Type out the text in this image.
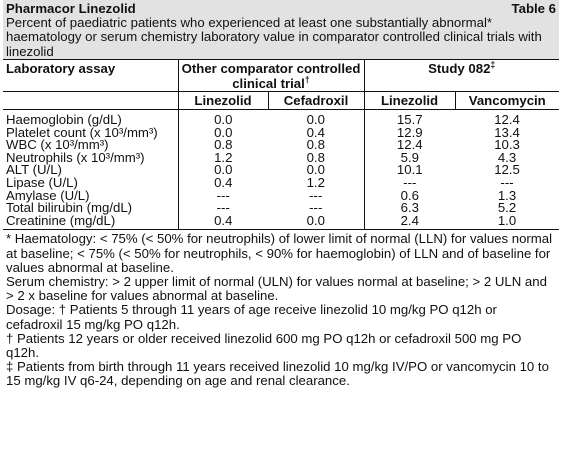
Pharmacor Linezolid	Table 6
Percent of paediatric patients who experienced at least one substantially abnormal* haematology or serum chemistry laboratory value in comparator controlled clinical trials with linezolid
Laboratory assay	Other comparator controlled clinical trial†		Study 082‡
	Linezolid	Cefadroxil	Linezolid	Vancomycin
Haemoglobin (g/dL)	0.0	0.0	15.7	12.4
Platelet count (x 10³/mm³)	0.0	0.4	12.9	13.4
WBC (x 10³/mm³)	0.8	0.8	12.4	10.3
Neutrophils (x 10³/mm³)	1.2	0.8	5.9	4.3
ALT (U/L)	0.0	0.0	10.1	12.5
Lipase (U/L)	0.4	1.2	---	---
Amylase (U/L)	---	---	0.6	1.3
Total bilirubin (mg/dL)	---	---	6.3	5.2
Creatinine (mg/dL)	0.4	0.0	2.4	1.0

* Haematology: < 75% (< 50% for neutrophils) of lower limit of normal (LLN) for values normal at baseline; < 75% (< 50% for neutrophils, < 90% for haemoglobin) of LLN and of baseline for values abnormal at baseline.

Serum chemistry: > 2 upper limit of normal (ULN) for values normal at baseline; > 2 ULN and > 2 x baseline for values abnormal at baseline.

Dosage: † Patients 5 through 11 years of age receive linezolid 10 mg/kg PO q12h or cefadroxil 15 mg/kg PO q12h.

† Patients 12 years or older received linezolid 600 mg PO q12h or cefadroxil 500 mg PO q12h.

‡ Patients from birth through 11 years received linezolid 10 mg/kg IV/PO or vancomycin 10 to 15 mg/kg IV q6-24, depending on age and renal clearance.
